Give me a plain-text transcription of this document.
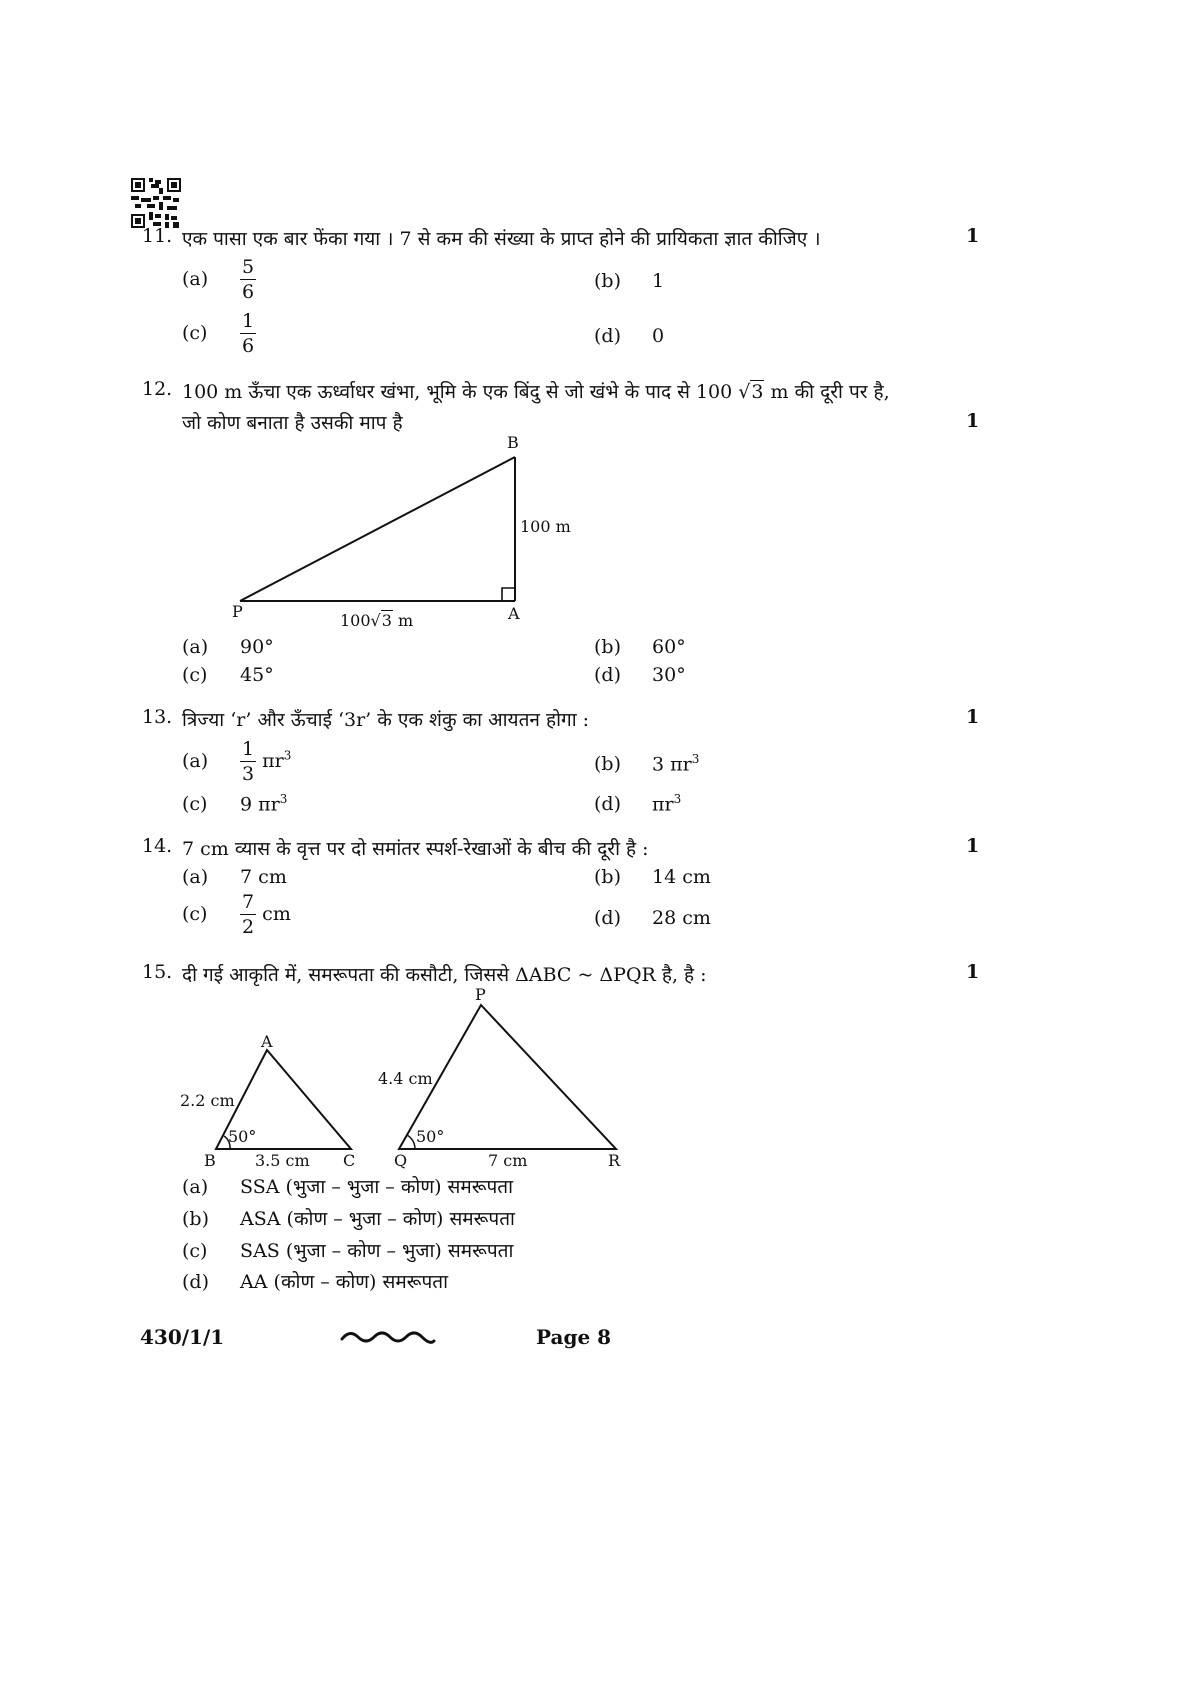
11. एक पासा एक बार फेंका गया । 7 से कम की संख्या के प्राप्त होने की प्रायिकता ज्ञात कीजिए ।	1
$(a) \frac{5}{6}$	(b) 1
$(c) \frac{1}{6}$	(d) 0
12. 100 m ऊँचा एक ऊर्ध्वाधर खंभा, भूमि के एक बिंदु से जो खंभे के पाद से 100 √3 m की दूरी पर है,
जो कोण बनाता है उसकी माप है	1
B
P	A
100 m
100√3 m
(a) 90°	(b) 60°
(c) 45°	(d) 30°
13. त्रिज्या ‘r’ और ऊँचाई ‘3r’ के एक शंकु का आयतन होगा :	1
$(a) \frac{1}{3} \pi r^3$	(b) 3 $\pi r^3$
(c) 9 $\pi r^3$	(d) $\pi r^3$
14. 7 cm व्यास के वृत्त पर दो समांतर स्पर्श-रेखाओं के बीच की दूरी है :	1
(a) 7 cm	(b) 14 cm
$(c) \frac{7}{2}$ cm	(d) 28 cm
15. दी गई आकृति में, समरूपता की कसौटी, जिससे ΔABC ~ ΔPQR है, है :	1
A
B	C
2.2 cm
3.5 cm
50°
P
Q	R
4.4 cm
7 cm
50°
(a) SSA (भुजा – भुजा – कोण) समरूपता
(b) ASA (कोण – भुजा – कोण) समरूपता
(c) SAS (भुजा – कोण – भुजा) समरूपता
(d) AA (कोण – कोण) समरूपता
430/1/1	Page 8
